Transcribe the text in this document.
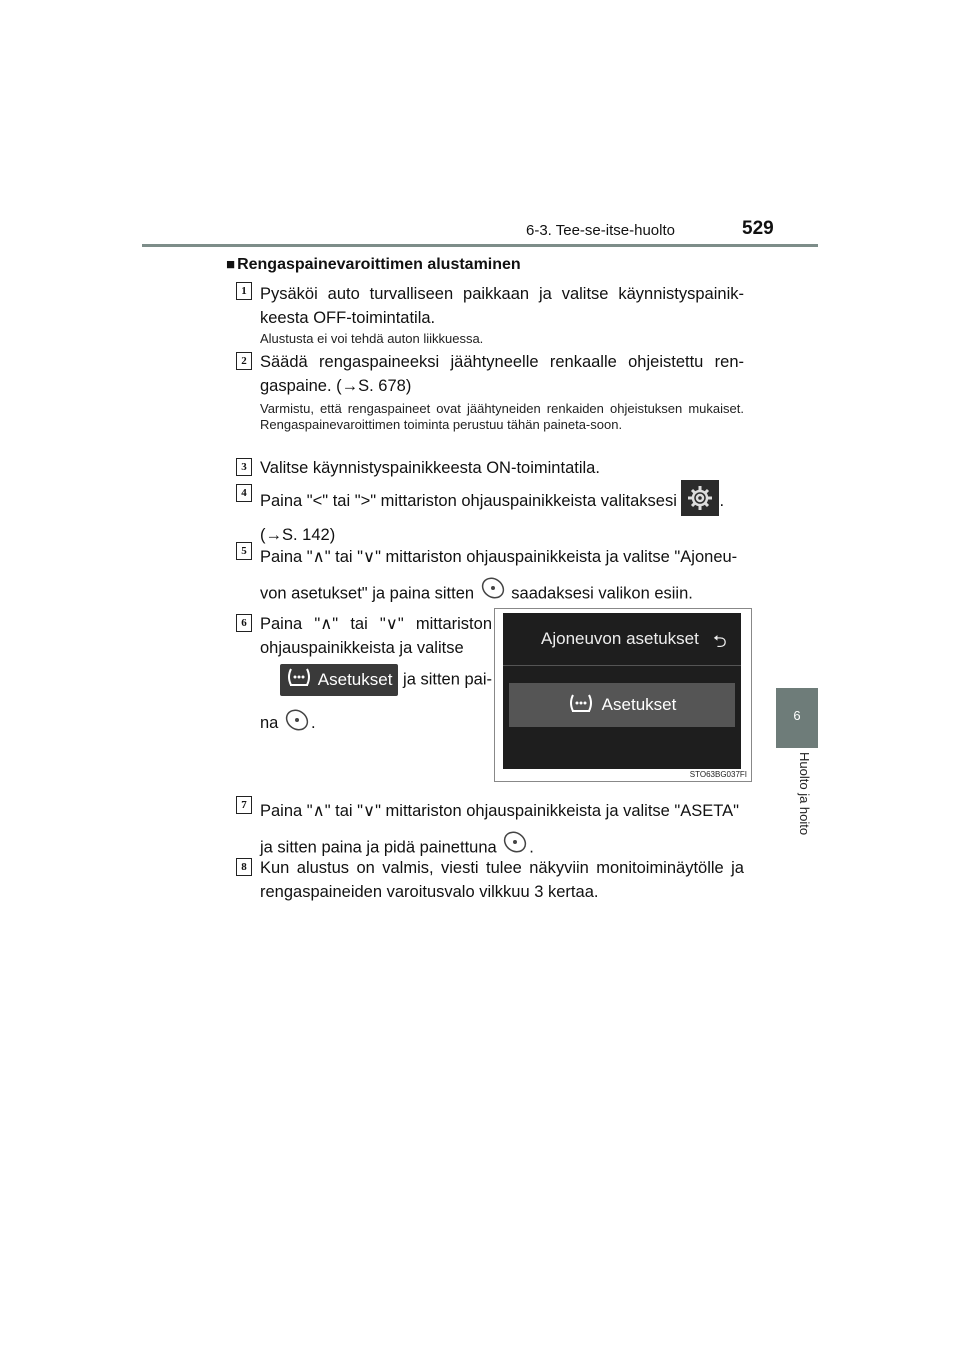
6-3. Tee-se-itse-huolto	529
6
Huolto ja hoito
■ Rengaspainevaroittimen alustaminen
1 Pysäköi auto turvalliseen paikkaan ja valitse käynnistyspainik-keesta OFF-toimintatila.
Alustusta ei voi tehdä auton liikkuessa.
2 Säädä rengaspaineeksi jäähtyneelle renkaalle ohjeistettu ren-gaspaine. (→S. 678)
Varmistu, että rengaspaineet ovat jäähtyneiden renkaiden ohjeistuksen mukaiset. Rengaspainevaroittimen toiminta perustuu tähän paineta-soon.
3 Valitse käynnistyspainikkeesta ON-toimintatila.
4 Paina "<" tai ">" mittariston ohjauspainikkeista valitaksesi	.
(→S. 142)
5 Paina "∧" tai "∨" mittariston ohjauspainikkeista ja valitse "Ajoneu-
von asetukset" ja paina sitten saadaksesi valikon esiin.
6 Paina "∧" tai "∨" mittariston ohjauspainikkeista ja valitse
Asetukset ja sitten pai-
na .
Ajoneuvon asetukset ⮌
Asetukset
STO63BG037FI
7 Paina "∧" tai "∨" mittariston ohjauspainikkeista ja valitse "ASETA"
ja sitten paina ja pidä painettuna .
8 Kun alustus on valmis, viesti tulee näkyviin monitoiminäytölle ja rengaspaineiden varoitusvalo vilkkuu 3 kertaa.
